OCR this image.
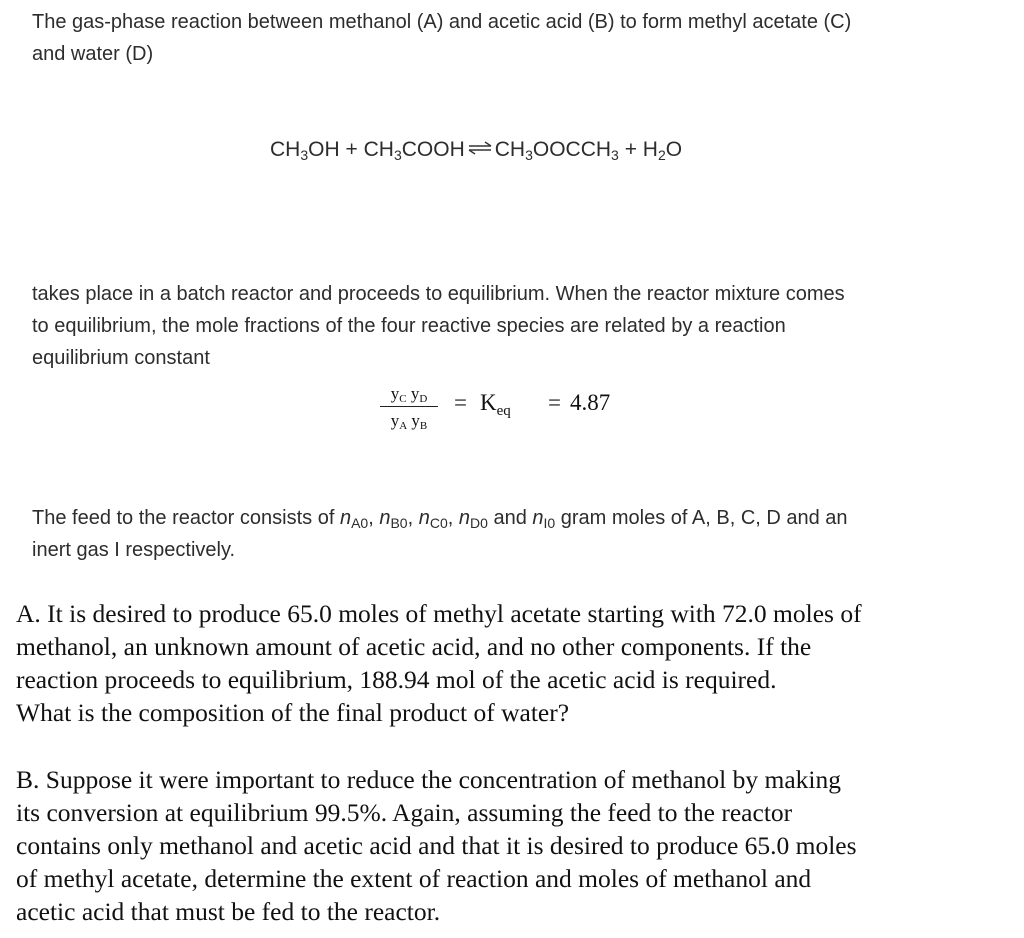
The gas-phase reaction between methanol (A) and acetic acid (B) to form methyl acetate (C)
and water (D)
$CH_3OH$ + $CH_3COOH$ ⇌ $CH_3OOCCH_3 + H_2O$
takes place in a batch reactor and proceeds to equilibrium. When the reactor mixture comes
to equilibrium, the mole fractions of the four reactive species are related by a reaction
equilibrium constant
$y_C$ $y_D$
$y_A$ $y_B$
= $K_{eq} = 4.87$
The feed to the reactor consists of $n_{A0}$, $n_{B0}$, $n_{C0}$, $n_{D0}$ and $n_{I0}$ gram moles of A, B, C, D and an
inert gas I respectively.
A. It is desired to produce 65.0 moles of methyl acetate starting with 72.0 moles of
methanol, an unknown amount of acetic acid, and no other components. If the
reaction proceeds to equilibrium, 188.94 mol of the acetic acid is required.
What is the composition of the final product of water?
B. Suppose it were important to reduce the concentration of methanol by making
its conversion at equilibrium 99.5%. Again, assuming the feed to the reactor
contains only methanol and acetic acid and that it is desired to produce 65.0 moles
of methyl acetate, determine the extent of reaction and moles of methanol and
acetic acid that must be fed to the reactor.
